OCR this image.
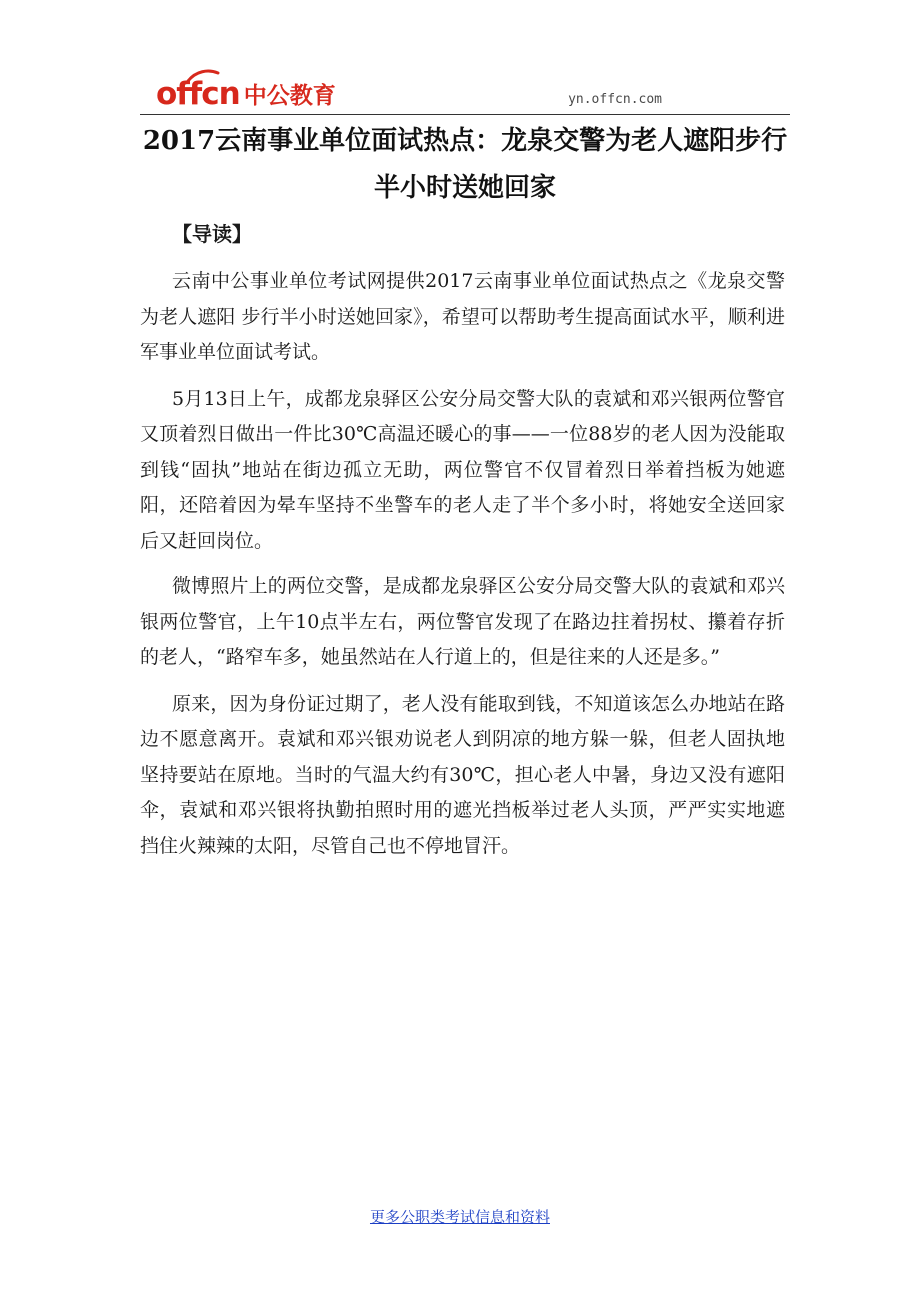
offcn 中公教育	yn.offcn.com
2017云南事业单位面试热点：龙泉交警为老人遮阳步行半小时送她回家
【导读】

云南中公事业单位考试网提供2017云南事业单位面试热点之《龙泉交警为老人遮阳 步行半小时送她回家》，希望可以帮助考生提高面试水平，顺利进军事业单位面试考试。

5月13日上午，成都龙泉驿区公安分局交警大队的袁斌和邓兴银两位警官又顶着烈日做出一件比30℃高温还暖心的事——一位88岁的老人因为没能取到钱“固执”地站在街边孤立无助，两位警官不仅冒着烈日举着挡板为她遮阳，还陪着因为晕车坚持不坐警车的老人走了半个多小时，将她安全送回家后又赶回岗位。

微博照片上的两位交警，是成都龙泉驿区公安分局交警大队的袁斌和邓兴银两位警官，上午10点半左右，两位警官发现了在路边拄着拐杖、攥着存折的老人，“路窄车多，她虽然站在人行道上的，但是往来的人还是多。”

原来，因为身份证过期了，老人没有能取到钱，不知道该怎么办地站在路边不愿意离开。袁斌和邓兴银劝说老人到阴凉的地方躲一躲，但老人固执地坚持要站在原地。当时的气温大约有30℃，担心老人中暑，身边又没有遮阳伞，袁斌和邓兴银将执勤拍照时用的遮光挡板举过老人头顶，严严实实地遮挡住火辣辣的太阳，尽管自己也不停地冒汗。

更多公职类考试信息和资料
